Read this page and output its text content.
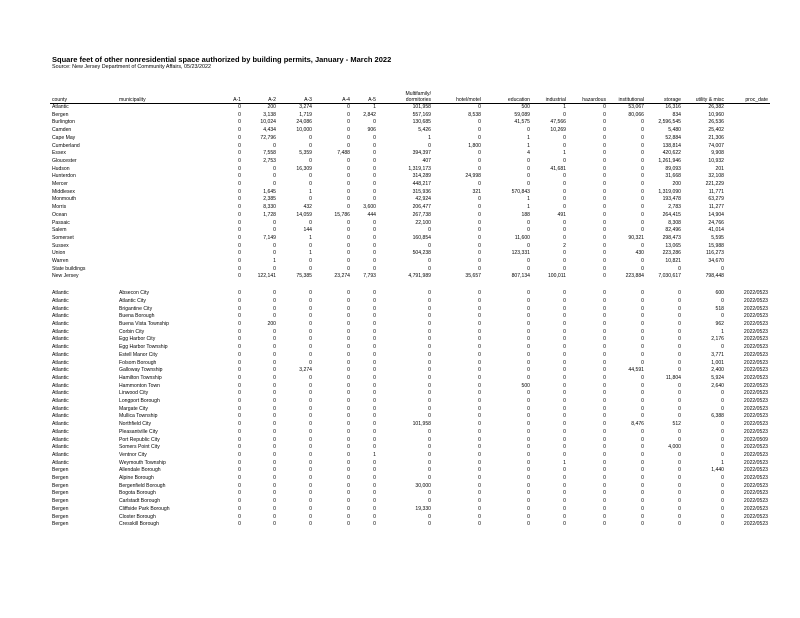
Square feet of other nonresidential space authorized by building permits, January - March 2022
Source: New Jersey Department of Community Affairs, 05/23/2022
county	municipality	A-1	A-2	A-3	A-4	A-5	Multifamily/ dormitories	hotel/motel	education	industrial	hazardous	institutional	storage	utility & misc	proc_date
Atlantic		0	200	3,274	0	1	101,958	0	500	1	0	53,067	16,316	26,382	
Bergen		0	3,138	1,719	0	2,842	557,169	8,538	59,089	0	0	80,066	834	10,960	
Burlington		0	10,024	24,086	0	0	130,685	0	41,575	47,566	0	0	2,596,545	26,536	
Camden		0	4,434	10,000	0	906	5,426	0	0	10,269	0	0	5,480	25,402	
Cape May		0	72,796	0	0	0	1	0	1	0	0	0	52,884	21,306	
Cumberland		0	0	0	0	0	0	1,800	1	0	0	0	138,814	74,007	
Essex		0	7,558	5,359	7,488	0	394,397	0	4	1	0	0	420,622	9,908	
Gloucester		0	2,753	0	0	0	407	0	0	0	0	0	1,261,946	10,932	
Hudson		0	0	16,309	0	0	1,319,173	0	0	41,681	0	0	89,093	201	
Hunterdon		0	0	0	0	0	314,289	24,998	0	0	0	0	31,668	32,108	
Mercer		0	0	0	0	0	448,217	0	0	0	0	0	200	221,229	
Middlesex		0	1,645	1	0	0	315,936	321	570,843	0	0	0	1,319,090	11,771	
Monmouth		0	2,385	0	0	0	42,924	0	1	0	0	0	193,478	63,279	
Morris		0	8,330	432	0	3,600	206,477	0	1	0	0	0	2,783	11,277	
Ocean		0	1,728	14,059	15,786	444	267,738	0	188	491	0	0	264,415	14,904	
Passaic		0	0	0	0	0	22,100	0	0	0	0	0	8,308	24,766	
Salem		0	0	144	0	0	0	0	0	0	0	0	82,496	41,014	
Somerset		0	7,149	1	0	0	160,854	0	11,600	0	0	90,321	298,473	5,595	
Sussex		0	0	0	0	0	0	0	0	2	0	0	13,065	15,988	
Union		0	0	1	0	0	504,238	0	123,331	0	0	430	223,286	116,273	
Warren		0	1	0	0	0	0	0	0	0	0	0	10,821	34,670	
State buildings		0	0	0	0	0	0	0	0	0	0	0	0	0	
New Jersey		0	122,141	75,385	23,274	7,793	4,791,989	35,657	807,134	100,011	0	223,884	7,030,617	798,448	

Atlantic	Absecon City	0	0	0	0	0	0	0	0	0	0	0	0	600	2022/0523
Atlantic	Atlantic City	0	0	0	0	0	0	0	0	0	0	0	0	0	2022/0523
Atlantic	Brigantine City	0	0	0	0	0	0	0	0	0	0	0	0	518	2022/0523
Atlantic	Buena Borough	0	0	0	0	0	0	0	0	0	0	0	0	0	2022/0523
Atlantic	Buena Vista Township	0	200	0	0	0	0	0	0	0	0	0	0	962	2022/0523
Atlantic	Corbin City	0	0	0	0	0	0	0	0	0	0	0	0	1	2022/0523
Atlantic	Egg Harbor City	0	0	0	0	0	0	0	0	0	0	0	0	2,176	2022/0523
Atlantic	Egg Harbor Township	0	0	0	0	0	0	0	0	0	0	0	0	0	2022/0523
Atlantic	Estell Manor City	0	0	0	0	0	0	0	0	0	0	0	0	3,771	2022/0523
Atlantic	Folsom Borough	0	0	0	0	0	0	0	0	0	0	0	0	1,001	2022/0523
Atlantic	Galloway Township	0	0	3,274	0	0	0	0	0	0	0	44,591	0	2,400	2022/0523
Atlantic	Hamilton Township	0	0	0	0	0	0	0	0	0	0	0	11,804	5,924	2022/0523
Atlantic	Hammonton Town	0	0	0	0	0	0	0	500	0	0	0	0	2,640	2022/0523
Atlantic	Linwood City	0	0	0	0	0	0	0	0	0	0	0	0	0	2022/0523
Atlantic	Longport Borough	0	0	0	0	0	0	0	0	0	0	0	0	0	2022/0523
Atlantic	Margate City	0	0	0	0	0	0	0	0	0	0	0	0	0	2022/0523
Atlantic	Mullica Township	0	0	0	0	0	0	0	0	0	0	0	0	6,388	2022/0523
Atlantic	Northfield City	0	0	0	0	0	101,958	0	0	0	0	8,476	512	0	2022/0523
Atlantic	Pleasantville City	0	0	0	0	0	0	0	0	0	0	0	0	0	2022/0523
Atlantic	Port Republic City	0	0	0	0	0	0	0	0	0	0	0	0	0	2022/0509
Atlantic	Somers Point City	0	0	0	0	0	0	0	0	0	0	0	4,000	0	2022/0523
Atlantic	Ventnor City	0	0	0	0	1	0	0	0	0	0	0	0	0	2022/0523
Atlantic	Weymouth Township	0	0	0	0	0	0	0	0	1	0	0	0	1	2022/0523
Bergen	Allendale Borough	0	0	0	0	0	0	0	0	0	0	0	0	1,440	2022/0523
Bergen	Alpine Borough	0	0	0	0	0	0	0	0	0	0	0	0	0	2022/0523
Bergen	Bergenfield Borough	0	0	0	0	0	30,000	0	0	0	0	0	0	0	2022/0523
Bergen	Bogota Borough	0	0	0	0	0	0	0	0	0	0	0	0	0	2022/0523
Bergen	Carlstadt Borough	0	0	0	0	0	0	0	0	0	0	0	0	0	2022/0523
Bergen	Cliffside Park Borough	0	0	0	0	0	19,330	0	0	0	0	0	0	0	2022/0523
Bergen	Closter Borough	0	0	0	0	0	0	0	0	0	0	0	0	0	2022/0523
Bergen	Cresskill Borough	0	0	0	0	0	0	0	0	0	0	0	0	0	2022/0523
